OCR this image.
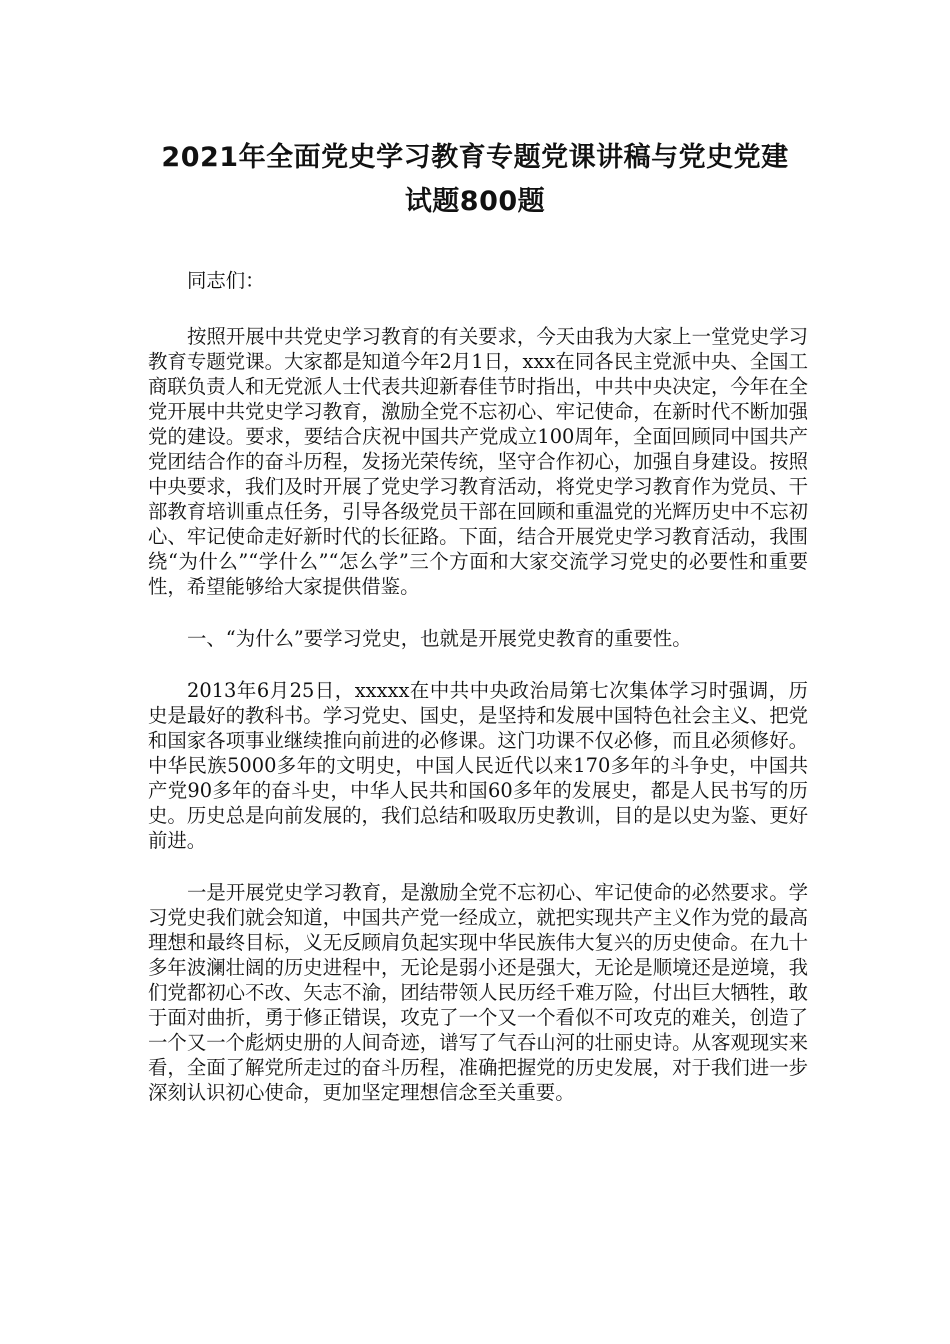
2021年全面党史学习教育专题党课讲稿与党史党建
试题800题

同志们：

按照开展中共党史学习教育的有关要求，今天由我为大家上一堂党史学习教育专题党课。大家都是知道今年2月1日，xxx在同各民主党派中央、全国工商联负责人和无党派人士代表共迎新春佳节时指出，中共中央决定，今年在全党开展中共党史学习教育，激励全党不忘初心、牢记使命，在新时代不断加强党的建设。要求，要结合庆祝中国共产党成立100周年，全面回顾同中国共产党团结合作的奋斗历程，发扬光荣传统，坚守合作初心，加强自身建设。按照中央要求，我们及时开展了党史学习教育活动，将党史学习教育作为党员、干部教育培训重点任务，引导各级党员干部在回顾和重温党的光辉历史中不忘初心、牢记使命走好新时代的长征路。下面，结合开展党史学习教育活动，我围绕“为什么”“学什么”“怎么学”三个方面和大家交流学习党史的必要性和重要性，希望能够给大家提供借鉴。

一、“为什么”要学习党史，也就是开展党史教育的重要性。

2013年6月25日，xxxxx在中共中央政治局第七次集体学习时强调，历史是最好的教科书。学习党史、国史，是坚持和发展中国特色社会主义、把党和国家各项事业继续推向前进的必修课。这门功课不仅必修，而且必须修好。中华民族5000多年的文明史，中国人民近代以来170多年的斗争史，中国共产党90多年的奋斗史，中华人民共和国60多年的发展史，都是人民书写的历史。历史总是向前发展的，我们总结和吸取历史教训，目的是以史为鉴、更好前进。

一是开展党史学习教育，是激励全党不忘初心、牢记使命的必然要求。学习党史我们就会知道，中国共产党一经成立，就把实现共产主义作为党的最高理想和最终目标，义无反顾肩负起实现中华民族伟大复兴的历史使命。在九十多年波澜壮阔的历史进程中，无论是弱小还是强大，无论是顺境还是逆境，我们党都初心不改、矢志不渝，团结带领人民历经千难万险，付出巨大牺牲，敢于面对曲折，勇于修正错误，攻克了一个又一个看似不可攻克的难关，创造了一个又一个彪炳史册的人间奇迹，谱写了气吞山河的壮丽史诗。从客观现实来看，全面了解党所走过的奋斗历程，准确把握党的历史发展，对于我们进一步深刻认识初心使命，更加坚定理想信念至关重要。
